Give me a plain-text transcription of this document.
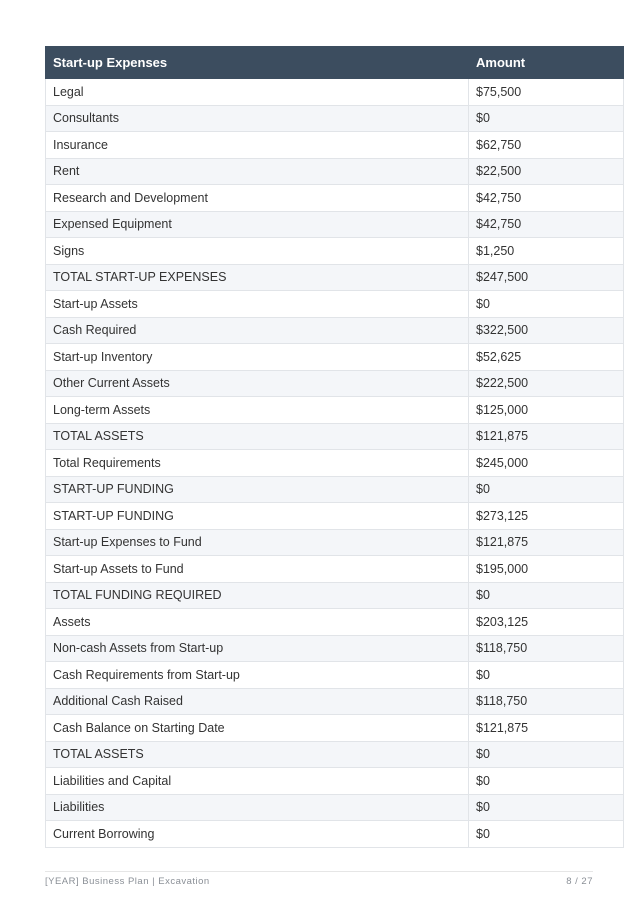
Start-up Expenses	Amount
Legal	$75,500
Consultants	$0
Insurance	$62,750
Rent	$22,500
Research and Development	$42,750
Expensed Equipment	$42,750
Signs	$1,250
TOTAL START-UP EXPENSES	$247,500
Start-up Assets	$0
Cash Required	$322,500
Start-up Inventory	$52,625
Other Current Assets	$222,500
Long-term Assets	$125,000
TOTAL ASSETS	$121,875
Total Requirements	$245,000
START-UP FUNDING	$0
START-UP FUNDING	$273,125
Start-up Expenses to Fund	$121,875
Start-up Assets to Fund	$195,000
TOTAL FUNDING REQUIRED	$0
Assets	$203,125
Non-cash Assets from Start-up	$118,750
Cash Requirements from Start-up	$0
Additional Cash Raised	$118,750
Cash Balance on Starting Date	$121,875
TOTAL ASSETS	$0
Liabilities and Capital	$0
Liabilities	$0
Current Borrowing	$0
[YEAR] Business Plan | Excavation	8 / 27
